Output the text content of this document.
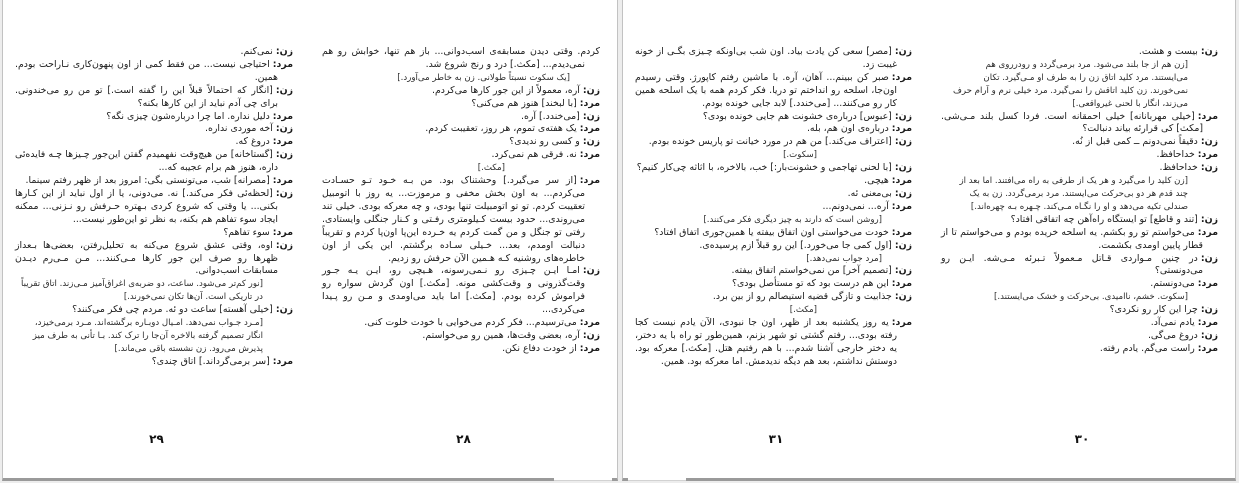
زن:نمی‌کنم.

مرد:احتیاجی نیست... من فقط کمی از اون پنهون‌کاری نـاراحت بودم. همین.

زن:[انگار که احتمالاً قبلاً این را گفته است.] تو من رو می‌خندونی. برای چی آدم نباید از این کارها بکنه؟

مرد:دلیل نداره. اما چرا درباره‌شون چیزی نگه؟

زن:آخه موردی نداره.

مرد:دروغ که.

زن:[گستاخانه] من هیچ‌وقت نفهمیدم گفتن این‌جور چـیزها چـه فایده‌ئی داره، هنوز هم برام عجیبه که...

مرد:[مصرانه] شب، می‌تونستی بگی: امروز بعد از ظهر رفتم سینما.

زن:[لحظه‌ئی فکر می‌کند.] نه. می‌دونی، یا از اول نباید از این کـارها بکنی... یا وقتی که شروع کردی بـهتره حـرفش رو نـزنی... ممکنه ایجاد سوء تفاهم هم بکنه، به نظر تو این‌طور نیست...

مرد:سوء تفاهم؟

زن:اوه، وقتی عشق شروع می‌کنه به تحلیل‌رفتن، بعضی‌ها بـعداز ظهرها رو صرف این جور کارها مـی‌کنند... مـن مـی‌رم دیـدن مسابقات اسب‌دوانی.

[نور کم‌تر می‌شود. ساعت، دو ضربه‌ی اغراق‌آمیز مـی‌زند. اتاق تقریباً در تاریکی است. آن‌ها تکان نمی‌خورند.]

زن:[خیلی آهسته] ساعت دو ئه. مردم چی فکر می‌کنند؟

[مـرد جـواب نمی‌دهد. امـیال دوبـاره برگشته‌اند. مـرد برمی‌خیزد، انگار تصمیم گرفته بالاخره آن‌جا را ترک کند. بـا تأنی به طرف میز پذیرش می‌رود. زن نشسته باقی می‌ماند.]

مرد:[سر برمی‌گرداند.] اتاق چندی؟

۲۹

کردم. وقتی دیدن مسابقه‌ی اسب‌دوانی... باز هم تنها، خوابش رو هم نمی‌دیدم... [مکث.] درد و رنج شروع شد.

[یک سکوت نسبتاً طولانی. زن به خاطر می‌آورد.]

زن:آره، معمولاً از این جور کارها می‌کردم.

مرد:[با لبخند] هنوز هم می‌کنی؟

زن:[می‌خندد.] آره.

مرد:یک هفته‌ی تموم، هر روز، تعقیبت کردم.

زن:و کسی رو ندیدی؟

مرد:نه. فرقی هم نمی‌کرد.

[مکث.]

مرد:[از سر می‌گیرد.] وحشتناک بود. من بـه خـود تـو حسـادت می‌کردم... به اون بخش مخفی و مرموزت... یه روز با اتومبیل تعقیبت کردم. تو تو اتومبیلت تنها بودی، و چه معرکه بودی. خیلی تند می‌روندی... حدود بیست کـیلومتری رفـتی و کـنار جنگلی وایستادی. رفتی تو جنگل و من گمت کردم یه خـرده این‌پا اون‌پا کردم و تقریباً دنبالت اومدم، بعد... خـیلی سـاده برگشتم. این یکی از اون خاطره‌های روشنیه کـه هـمین الآن حرفش رو زدیم.

زن:امـا ایـن چـیزی رو نـمی‌رسونه، هـیچی رو، ایـن یـه جـور وقت‌گذرونی و وقت‌کشی مونه. [مکث.] اون گردش سواره رو فراموش کرده بودم. [مکث.] اما باید می‌اومدی و مـن رو پـیدا می‌کردی...

مرد:می‌ترسیدم... فکر کردم می‌خوایی با خودت خلوت کنی.

زن:آره، بعضی وقت‌ها، همین رو می‌خواستم.

مرد:از خودت دفاع نکن.

۲۸

زن:[مصر] سعی کن یادت بیاد. اون شب بی‌اونکه چـیزی بگـی از خونه غیبت زد.

مرد:صبر کن ببینم... آهان، آره. با ماشین رفتم کاپورژ. وقتی رسیدم اون‌جا، اسلحه رو انداختم تو دریا. فکر کردم همه با یک اسلحه همین کار رو می‌کنند... [می‌خندد.] لابد جایی خونده بودم.

زن:[عبوس] درباره‌ی خشونت هم جایی خونده بودی؟

مرد:درباره‌ی اون هم، بله.

زن:[اعتراف می‌کند.] من هم در مورد خیانت تو پاریس خونده بودم.

[سکوت.]

زن:[با لحنی تهاجمی و خشونت‌بار:] خب، بالاخره، با اثاثه چی‌کار کنیم؟

مرد:هیچی.

زن:بی‌معنی ئه.

مرد:آره... نمی‌دونم...

[روشن است که دارند به چیز دیگری فکر می‌کنند.]

مرد:خودت می‌خواستی اون اتفاق بیفته یا همین‌جوری اتفاق افتاد؟

زن:[اول کمی جا می‌خورد.] این رو قبلاً ازم پرسیده‌ی.

[مرد جواب نمی‌دهد.]

زن:[تصمیم آخر] من نمی‌خواستم اتفاق بیفته.

مرد:این هم درست بود که تو مستأصل بودی؟

زن:جذابیت و تازگی قضیه استیصالم رو از بین برد.

[مکث.]

مرد:یه روز یکشنبه بعد از ظهر، اون جا نبودی، الآن یادم نیست کجا رفته بودی... رفتم گشتی تو شهر بزنم، همین‌طور تو راه با یه دختر، یه دختر خارجی آشنا شدم... با هم رفتیم هتل. [مکث.] معرکه بود. دوستش نداشتم، بعد هم دیگه ندیدمش. اما معرکه بود. همین.

۳۱

زن:بیست و هشت.

[زن هم از جا بلند می‌شود. مرد برمی‌گردد و رودرروی هم می‌ایستند. مرد کلید اتاق زن را به طرف او مـی‌گیرد. تکان نمی‌خورند. زن کلید اتاقش را نمی‌گیرد. مرد خیلی نرم و آرام حرف می‌زند، انگار با لحنی غیرواقعی.]

مرد:[خیلی مهربانانه] خیلی احمقانه است. فردا کسل بلند مـی‌شی. [مکث] کی قرارئه بیاند دنبالت؟

زن:دقیقاً نمی‌دونم ــ کمی قبل از نُه.

مرد:خداحافظ.

زن:خداحافظ.

[زن کلید را می‌گیرد و هر یک از طرفی به راه می‌افتند. اما بعد از چند قدم هر دو بی‌حرکت می‌ایستند. مرد برمی‌گردد. زن به یک صندلی تکیه می‌دهد و او را نگـاه مـی‌کند. چـهره بـه چهره‌اند.]

زن:[تند و قاطع] تو ایستگاه راه‌آهن چه اتفاقی افتاد؟

مرد:می‌خواستم تو رو بکشم. یه اسلحه خریده بودم و می‌خواستم تا از قطار پایین اومدی بکشمت.

زن:در چنین مـواردی قـاتل مـعمولاً تـبرئه مـی‌شه. ایـن رو می‌دونستی؟

مرد:می‌دونستم.

[سکوت. خشم، ناامیدی. بی‌حرکت و خشک می‌ایستند.]

زن:چرا این کار رو نکردی؟

مرد:یادم نمی‌آد.

زن:دروغ می‌گی.

مرد:راست می‌گم. یادم رفته.

۳۰
